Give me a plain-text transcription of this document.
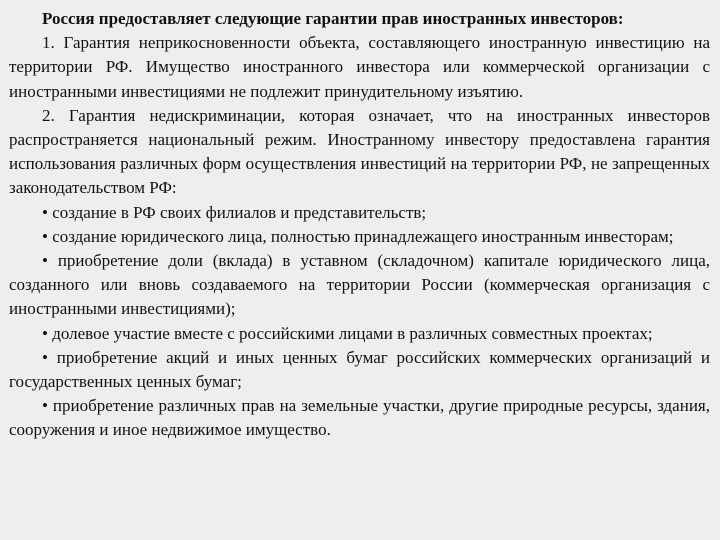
Россия предоставляет следующие гарантии прав иностранных инвесторов:

1. Гарантия неприкосновенности объекта, составляющего иностранную инвестицию на территории РФ. Имущество иностранного инвестора или коммерческой организации с иностранными инвестициями не подлежит принудительному изъятию.

2. Гарантия недискриминации, которая означает, что на иностранных инвесторов распространяется национальный режим. Иностранному инвестору предоставлена гарантия использования различных форм осуществления инвестиций на территории РФ, не запрещенных законодательством РФ:

• создание в РФ своих филиалов и представительств;

• создание юридического лица, полностью принадлежащего иностранным инвесторам;

• приобретение доли (вклада) в уставном (складочном) капитале юридического лица, созданного или вновь создаваемого на территории России (коммерческая организация с иностранными инвестициями);

• долевое участие вместе с российскими лицами в различных совместных проектах;

• приобретение акций и иных ценных бумаг российских коммерческих организаций и государственных ценных бумаг;

• приобретение различных прав на земельные участки, другие природные ресурсы, здания, сооружения и иное недвижимое имущество.
